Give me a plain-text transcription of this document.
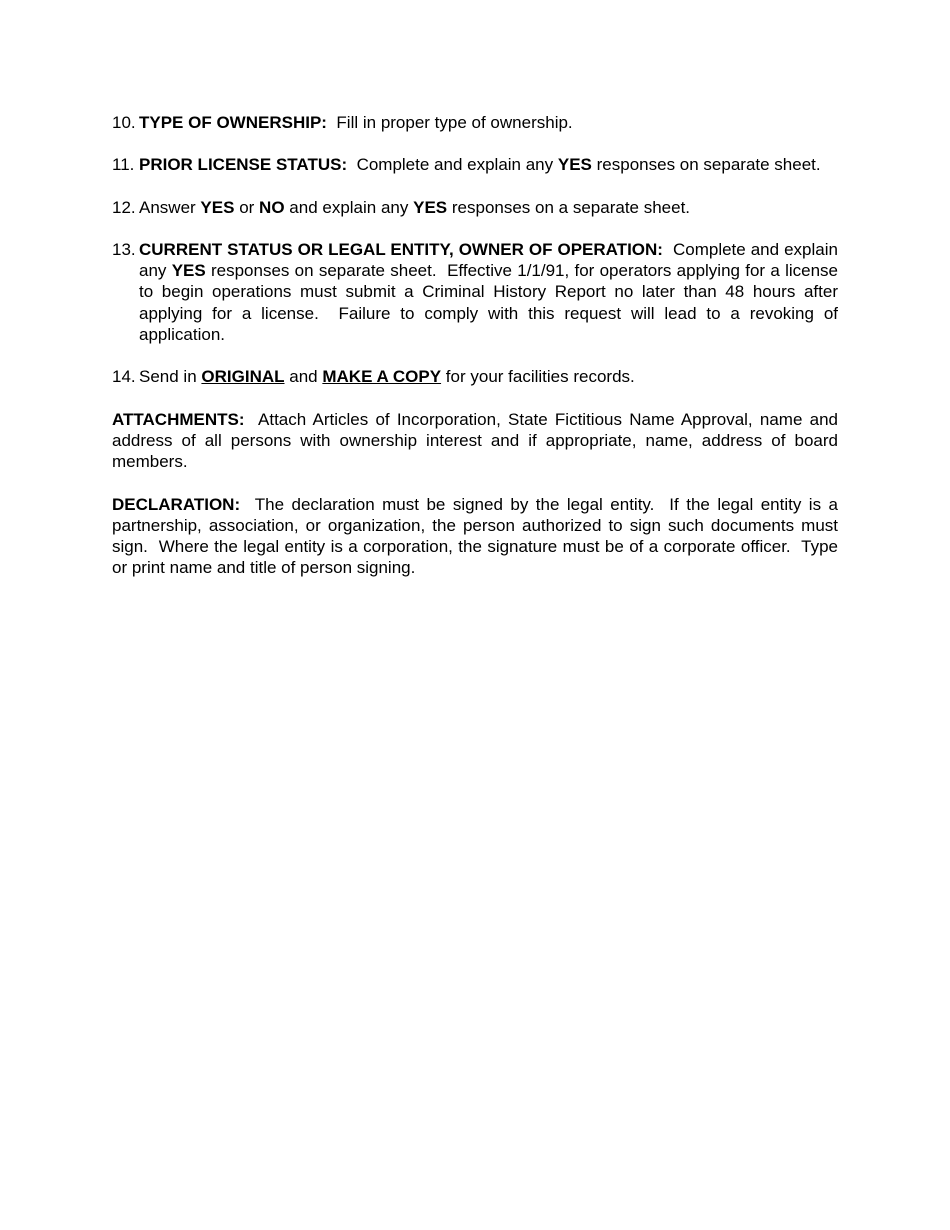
10. TYPE OF OWNERSHIP: Fill in proper type of ownership.
11. PRIOR LICENSE STATUS: Complete and explain any YES responses on separate sheet.
12. Answer YES or NO and explain any YES responses on a separate sheet.
13. CURRENT STATUS OR LEGAL ENTITY, OWNER OF OPERATION: Complete and explain any YES responses on separate sheet.  Effective 1/1/91, for operators applying for a license to begin operations must submit a Criminal History Report no later than 48 hours after applying for a license.  Failure to comply with this request will lead to a revoking of application.
14. Send in ORIGINAL and MAKE A COPY for your facilities records.
ATTACHMENTS: Attach Articles of Incorporation, State Fictitious Name Approval, name and address of all persons with ownership interest and if appropriate, name, address of board members.
DECLARATION: The declaration must be signed by the legal entity.  If the legal entity is a partnership, association, or organization, the person authorized to sign such documents must sign.  Where the legal entity is a corporation, the signature must be of a corporate officer.  Type or print name and title of person signing.
